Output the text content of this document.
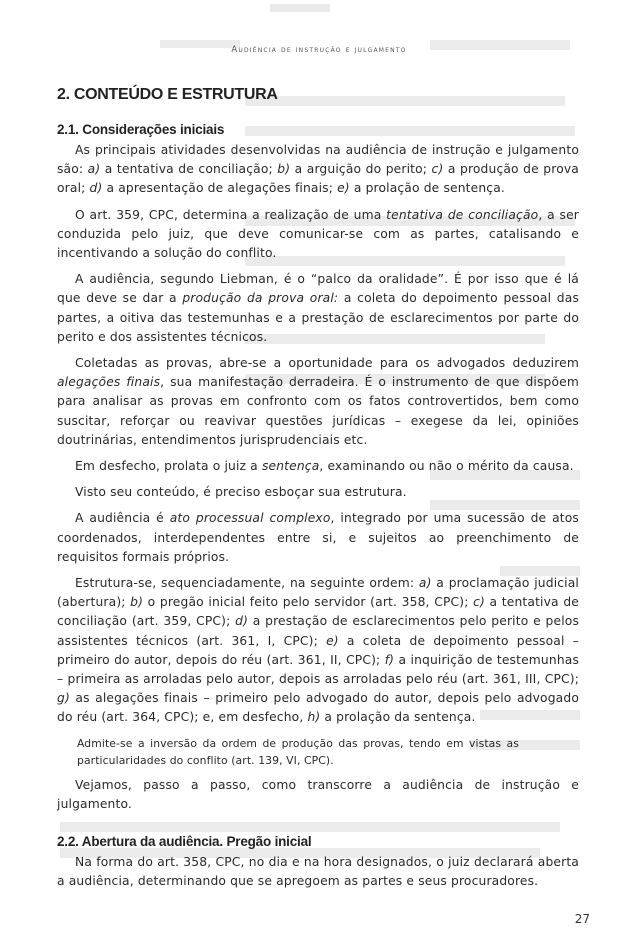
Audiência de instrução e julgamento
2. CONTEÚDO E ESTRUTURA
2.1. Considerações iniciais

As principais atividades desenvolvidas na audiência de instrução e julgamento são: a) a tentativa de conciliação; b) a arguição do perito; c) a produção de prova oral; d) a apresentação de alegações finais; e) a prolação de sentença.

O art. 359, CPC, determina a realização de uma tentativa de conciliação, a ser conduzida pelo juiz, que deve comunicar-se com as partes, catalisando e incentivando a solução do conflito.

A audiência, segundo Liebman, é o “palco da oralidade”. É por isso que é lá que deve se dar a produção da prova oral: a coleta do depoimento pessoal das partes, a oitiva das testemunhas e a prestação de esclarecimentos por parte do perito e dos assistentes técnicos.

Coletadas as provas, abre-se a oportunidade para os advogados deduzirem alegações finais, sua manifestação derradeira. É o instrumento de que dispõem para analisar as provas em confronto com os fatos controvertidos, bem como suscitar, reforçar ou reavivar questões jurídicas – exegese da lei, opiniões doutrinárias, entendimentos jurisprudenciais etc.

Em desfecho, prolata o juiz a sentença, examinando ou não o mérito da causa.

Visto seu conteúdo, é preciso esboçar sua estrutura.

A audiência é ato processual complexo, integrado por uma sucessão de atos coordenados, interdependentes entre si, e sujeitos ao preenchimento de requisitos formais próprios.

Estrutura-se, sequenciadamente, na seguinte ordem: a) a proclamação judicial (abertura); b) o pregão inicial feito pelo servidor (art. 358, CPC); c) a tentativa de conciliação (art. 359, CPC); d) a prestação de esclarecimentos pelo perito e pelos assistentes técnicos (art. 361, I, CPC); e) a coleta de depoimento pessoal – primeiro do autor, depois do réu (art. 361, II, CPC); f) a inquirição de testemunhas – primeira as arroladas pelo autor, depois as arroladas pelo réu (art. 361, III, CPC); g) as alegações finais – primeiro pelo advogado do autor, depois pelo advogado do réu (art. 364, CPC); e, em desfecho, h) a prolação da sentença.

Admite-se a inversão da ordem de produção das provas, tendo em vistas as particularidades do conflito (art. 139, VI, CPC).

Vejamos, passo a passo, como transcorre a audiência de instrução e julgamento.

2.2. Abertura da audiência. Pregão inicial

Na forma do art. 358, CPC, no dia e na hora designados, o juiz declarará aberta a audiência, determinando que se apregoem as partes e seus procuradores.

27
